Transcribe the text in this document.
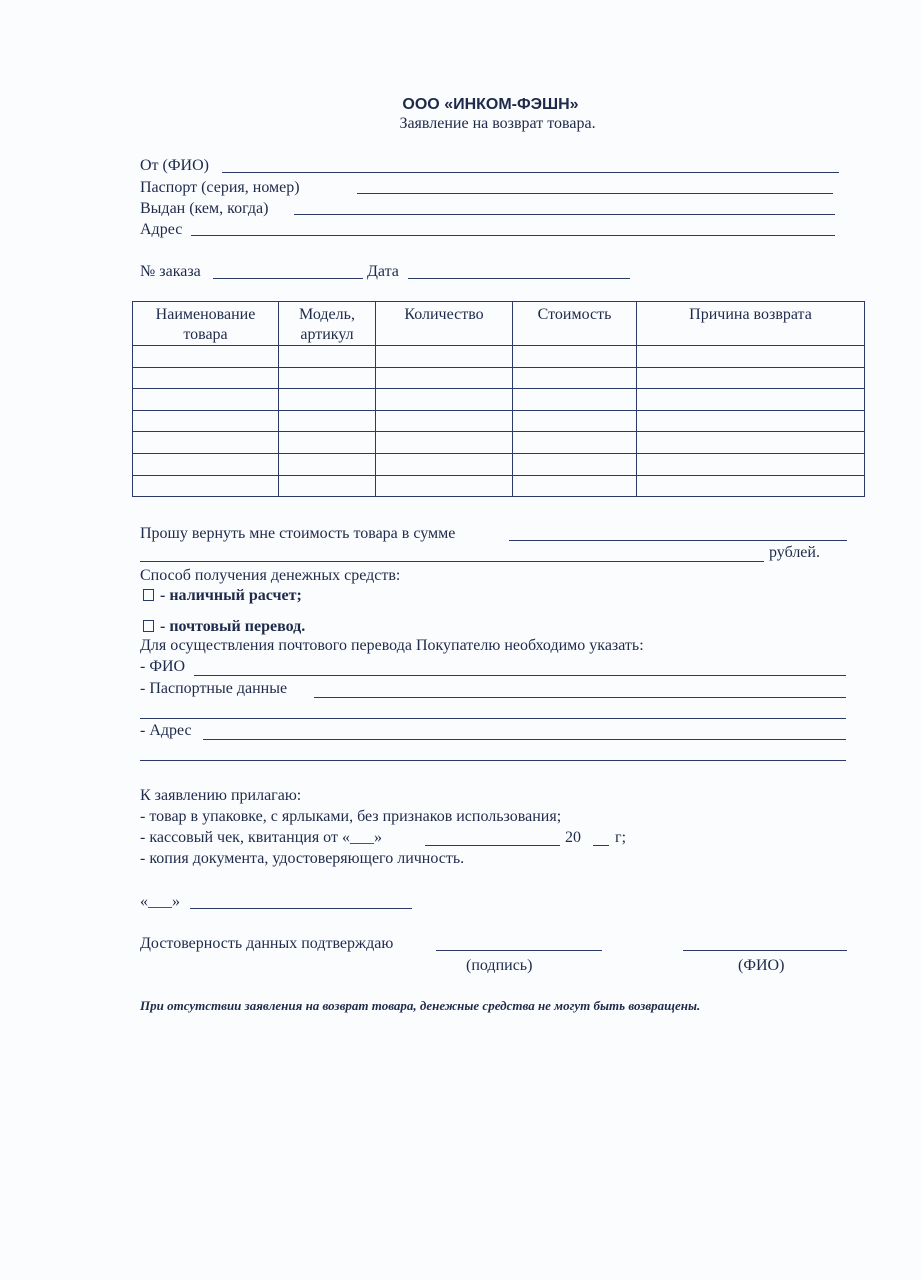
ООО «ИНКОМ-ФЭШН»
Заявление на возврат товара.
От (ФИО)
Паспорт (серия, номер)
Выдан (кем, когда)
Адрес
№ заказа	Дата
Наименование товара	Модель, артикул	Количество	Стоимость	Причина возврата

Прошу вернуть мне стоимость товара в сумме
рублей.
Способ получения денежных средств:
- наличный расчет;
- почтовый перевод.
Для осуществления почтового перевода Покупателю необходимо указать:
- ФИО
- Паспортные данные
- Адрес
К заявлению прилагаю:
- товар в упаковке, с ярлыками, без признаков использования;
- кассовый чек, квитанция от «___»	20 г;
- копия документа, удостоверяющего личность.
«___»
Достоверность данных подтверждаю
(подпись)	(ФИО)
При отсутствии заявления на возврат товара, денежные средства не могут быть возвращены.
